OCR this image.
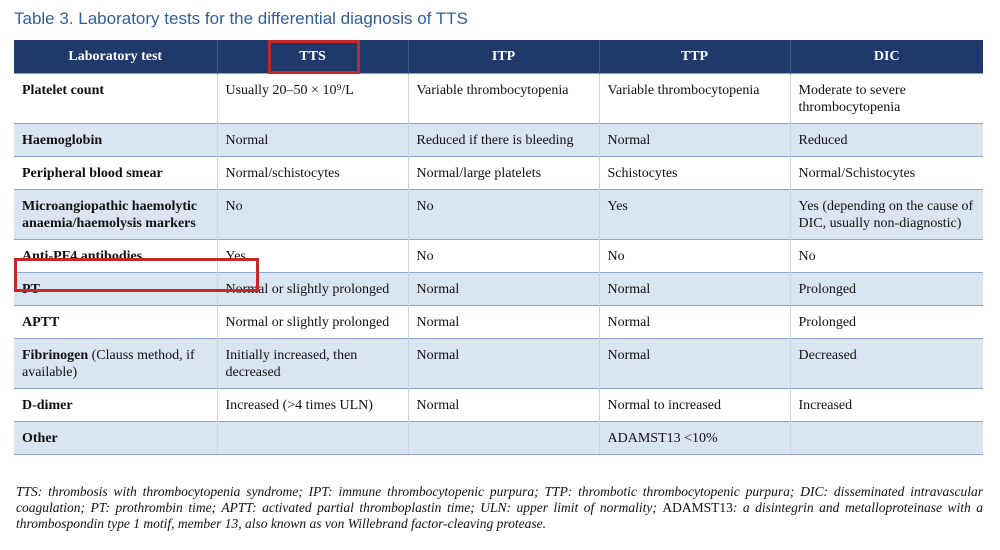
Table 3. Laboratory tests for the differential diagnosis of TTS
Laboratory test	TTS	ITP	TTP	DIC
Platelet count	Usually 20–50 × 10⁹/L	Variable thrombocytopenia	Variable thrombocytopenia	Moderate to severe thrombocytopenia
Haemoglobin	Normal	Reduced if there is bleeding	Normal	Reduced
Peripheral blood smear	Normal/schistocytes	Normal/large platelets	Schistocytes	Normal/Schistocytes
Microangiopathic haemolytic anaemia/haemolysis markers	No	No	Yes	Yes (depending on the cause of DIC, usually non-diagnostic)
Anti-PF4 antibodies	Yes	No	No	No
PT	Normal or slightly prolonged	Normal	Normal	Prolonged
APTT	Normal or slightly prolonged	Normal	Normal	Prolonged
Fibrinogen (Clauss method, if available)	Initially increased, then decreased	Normal	Normal	Decreased
D-dimer	Increased (>4 times ULN)	Normal	Normal to increased	Increased
Other			ADAMST13 <10%	
TTS: thrombosis with thrombocytopenia syndrome; IPT: immune thrombocytopenic purpura; TTP: thrombotic thrombocytopenic purpura; DIC: disseminated intravascular coagulation; PT: prothrombin time; APTT: activated partial thromboplastin time; ULN: upper limit of normality; ADAMST13: a disintegrin and metalloproteinase with a thrombospondin type 1 motif, member 13, also known as von Willebrand factor-cleaving protease.
